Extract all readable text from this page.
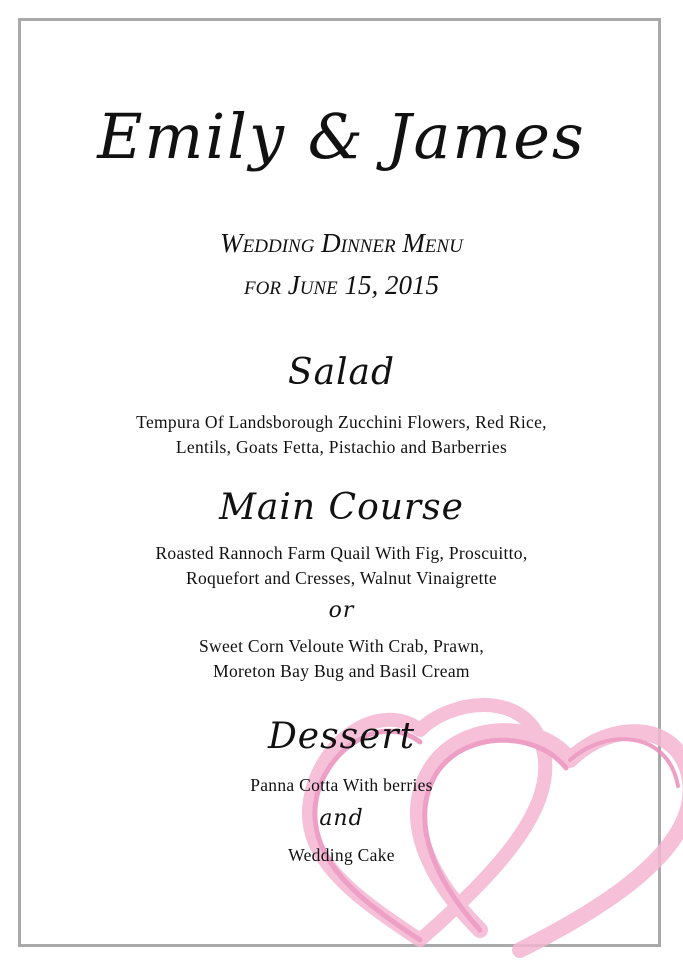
Emily & James
Wedding Dinner Menu
for June 15, 2015
Salad
Tempura Of Landsborough Zucchini Flowers, Red Rice,
Lentils, Goats Fetta, Pistachio and Barberries
Main Course
Roasted Rannoch Farm Quail With Fig, Proscuitto,
Roquefort and Cresses, Walnut Vinaigrette
or
Sweet Corn Veloute With Crab, Prawn,
Moreton Bay Bug and Basil Cream
Dessert
Panna Cotta With berries
and
Wedding Cake
